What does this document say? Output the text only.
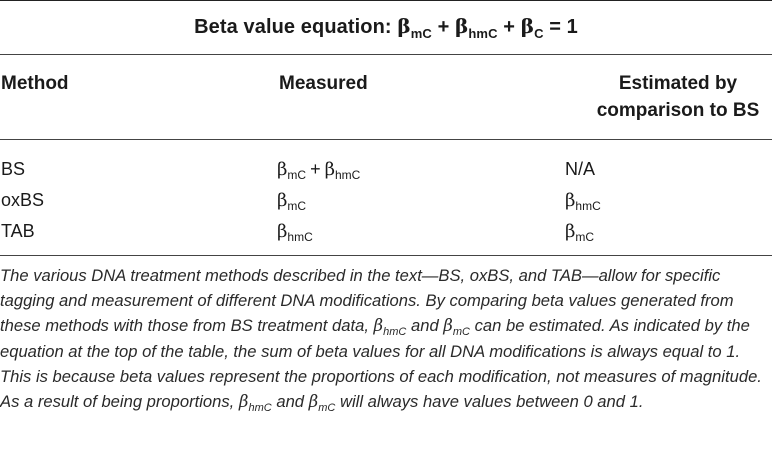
Beta value equation: $\beta_{mC} + \beta_{hmC} + \beta_C = 1$
Method	Measured	Estimated by comparison to BS
BS	$\beta_{mC} + \beta_{hmC}$	N/A
oxBS	$\beta_{mC}$	$\beta_{hmC}$
TAB	$\beta_{hmC}$	$\beta_{mC}$
The various DNA treatment methods described in the text—BS, oxBS, and TAB—allow for specific tagging and measurement of different DNA modifications. By comparing beta values generated from these methods with those from BS treatment data, $\beta_{hmC}$ and $\beta_{mC}$ can be estimated. As indicated by the equation at the top of the table, the sum of beta values for all DNA modifications is always equal to 1. This is because beta values represent the proportions of each modification, not measures of magnitude. As a result of being proportions, $\beta_{hmC}$ and $\beta_{mC}$ will always have values between 0 and 1.
